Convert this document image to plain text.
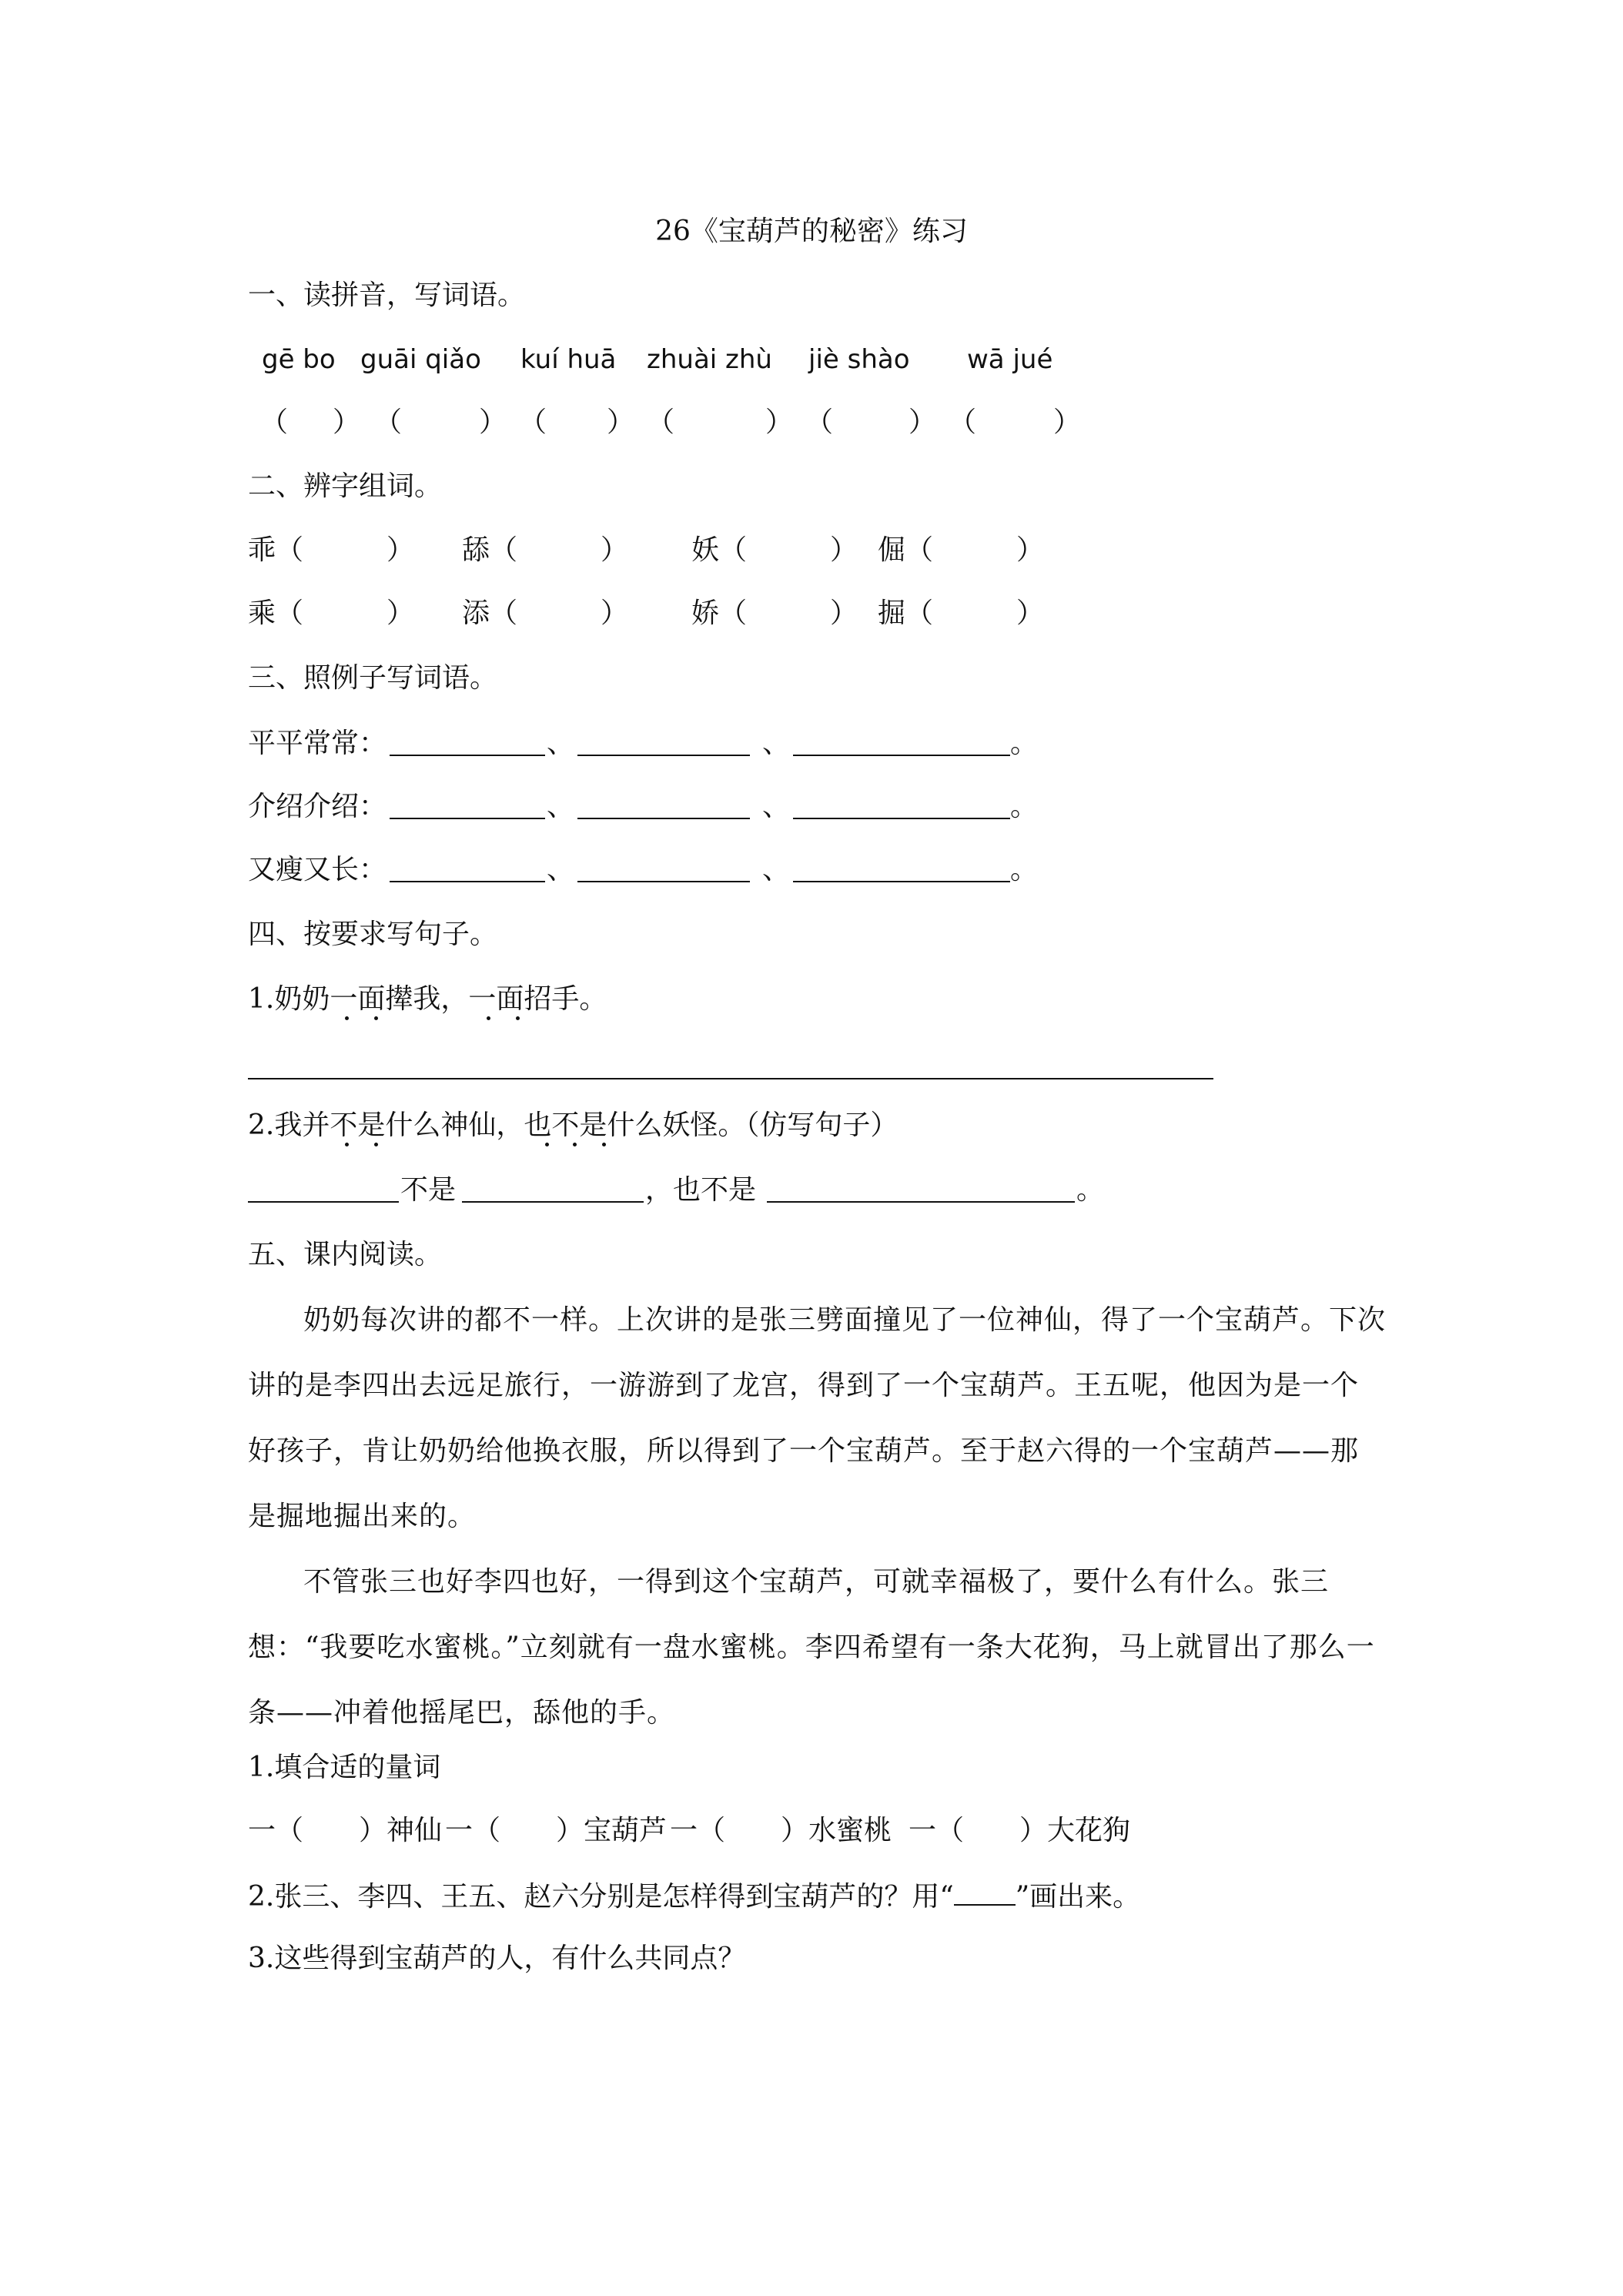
26《宝葫芦的秘密》练习
一、读拼音，写词语。
gē bo guāi qiǎo kuí huā zhuài zhù jiè shào wā jué
（ ） （	） （ ） （	） （	） （	）
二、辨字组词。
乖（　　　） 舔（　　　） 妖（　　　） 倔（　　　）
乘（　　　） 添（　　　） 娇（　　　） 掘（　　　）
三、照例子写词语。
平平常常：	、	、	。
介绍介绍：	、	、	。
又瘦又长：	、	、	。
四、按要求写句子。
1.奶奶一面撵我，一面招手。
2.我并不是什么神仙，也不是什么妖怪。（仿写句子）
不是	，也不是	。
五、课内阅读。
奶奶每次讲的都不一样。上次讲的是张三劈面撞见了一位神仙，得了一个宝葫芦。下次讲的是李四出去远足旅行，一游游到了龙宫，得到了一个宝葫芦。王五呢，他因为是一个好孩子，肯让奶奶给他换衣服，所以得到了一个宝葫芦。至于赵六得的一个宝葫芦——那是掘地掘出来的。
不管张三也好李四也好，一得到这个宝葫芦，可就幸福极了，要什么有什么。张三想：“我要吃水蜜桃。”立刻就有一盘水蜜桃。李四希望有一条大花狗，马上就冒出了那么一条——冲着他摇尾巴，舔他的手。
1.填合适的量词
一（　　）神仙 一（　　）宝葫芦 一（　　）水蜜桃 一（　　）大花狗
2.张三、李四、王五、赵六分别是怎样得到宝葫芦的？用“ ”画出来。
3.这些得到宝葫芦的人，有什么共同点？
